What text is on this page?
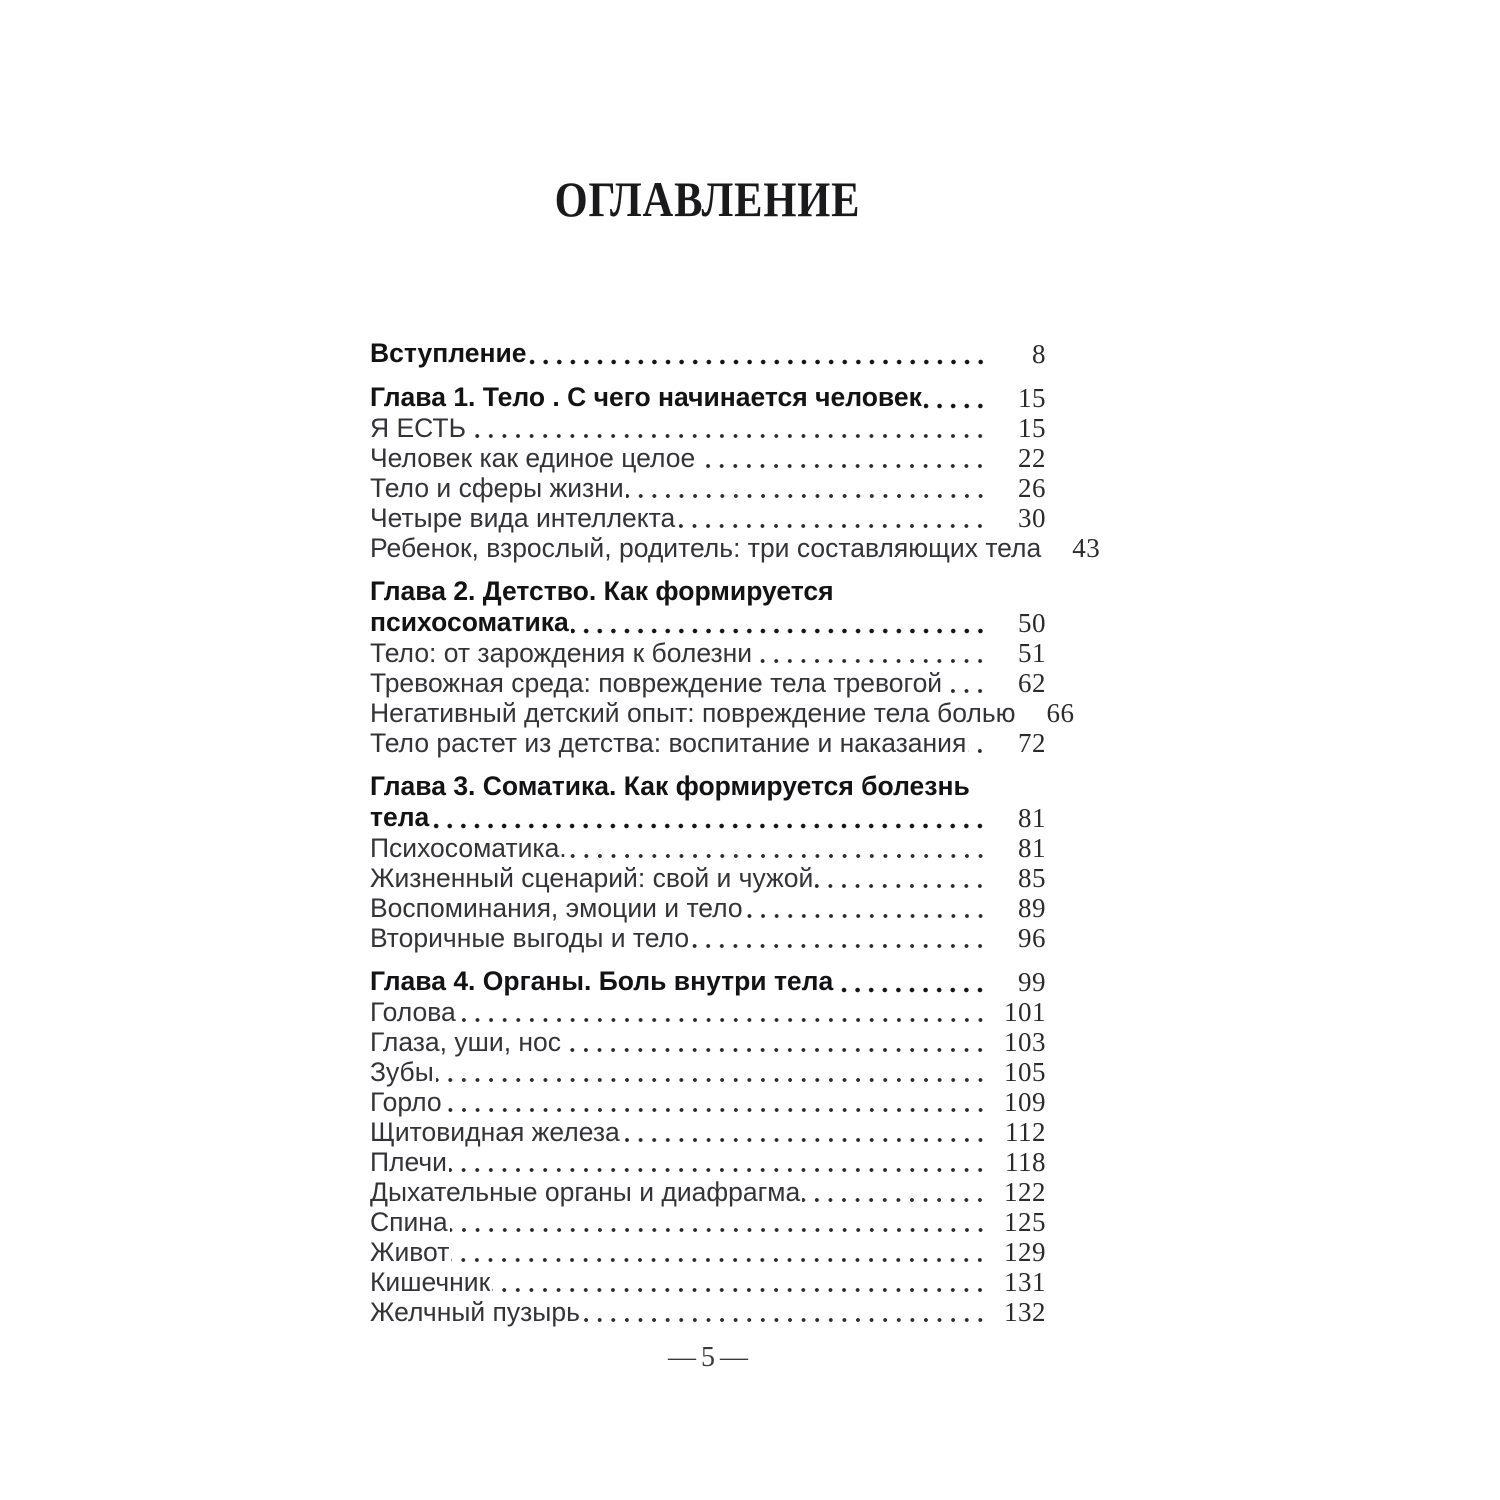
ОГЛАВЛЕНИЕ
Вступление	8
Глава 1. Тело . С чего начинается человек	15
Я ЕСТЬ	15
Человек как единое целое	22
Тело и сферы жизни	26
Четыре вида интеллекта	30
Ребенок, взрослый, родитель: три составляющих тела	43
Глава 2. Детство. Как формируется
психосоматика	50
Тело: от зарождения к болезни	51
Тревожная среда: повреждение тела тревогой	62
Негативный детский опыт: повреждение тела болью	66
Тело растет из детства: воспитание и наказания	72
Глава 3. Соматика. Как формируется болезнь
тела	81
Психосоматика.	81
Жизненный сценарий: свой и чужой	85
Воспоминания, эмоции и тело	89
Вторичные выгоды и тело	96
Глава 4. Органы. Боль внутри тела	99
Голова	101
Глаза, уши, нос	103
Зубы	105
Горло	109
Щитовидная железа	112
Плечи	118
Дыхательные органы и диафрагма	122
Спина	125
Живот	129
Кишечник	131
Желчный пузырь	132
— 5 —
